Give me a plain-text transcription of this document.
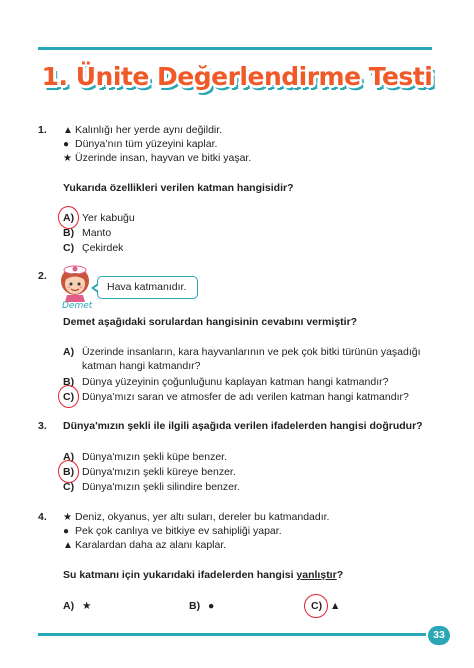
1. Ünite Değerlendirme Testi
1. ▲ Kalınlığı her yerde aynı değildir.
● Dünya’nın tüm yüzeyini kaplar.
★ Üzerinde insan, hayvan ve bitki yaşar.
Yukarıda özellikleri verilen katman hangisidir?
A) Yer kabuğu
B) Manto
C) Çekirdek
2.
Demet
Hava katmanıdır.
Demet aşağıdaki sorulardan hangisinin cevabını vermiştir?
A) Üzerinde insanların, kara hayvanlarının ve pek çok bitki türünün yaşadığı
katman hangi katmandır?
B) Dünya yüzeyinin çoğunluğunu kaplayan katman hangi katmandır?
C) Dünya’mızı saran ve atmosfer de adı verilen katman hangi katmandır?
3. Dünya'mızın şekli ile ilgili aşağıda verilen ifadelerden hangisi doğrudur?
A) Dünya'mızın şekli küpe benzer.
B) Dünya'mızın şekli küreye benzer.
C) Dünya'mızın şekli silindire benzer.
4. ★ Deniz, okyanus, yer altı suları, dereler bu katmandadır.
● Pek çok canlıya ve bitkiye ev sahipliği yapar.
▲ Karalardan daha az alanı kaplar.
Su katmanı için yukarıdaki ifadelerden hangisi yanlıştır?
A) ★	B) ●	C) ▲
33
